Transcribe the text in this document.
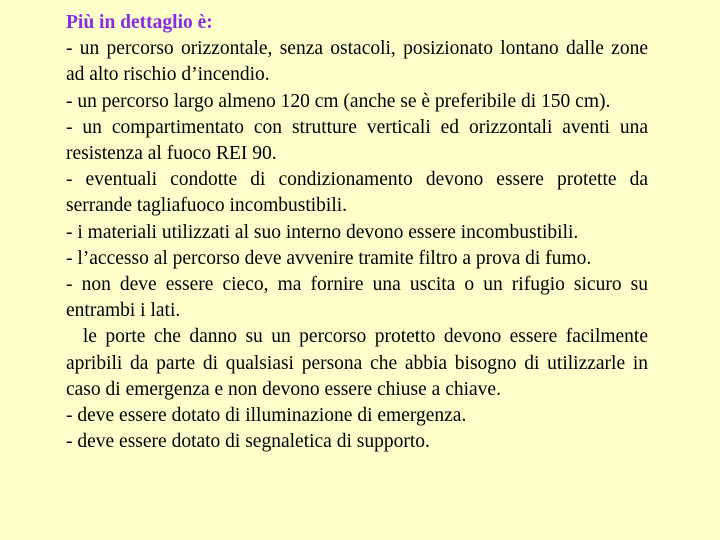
Più in dettaglio è:
- un percorso orizzontale, senza ostacoli, posizionato lontano dalle zone ad alto rischio d’incendio.
- un percorso largo almeno 120 cm (anche se è preferibile di 150 cm).
- un compartimentato con strutture verticali ed orizzontali aventi una resistenza al fuoco REI 90.
- eventuali condotte di condizionamento devono essere protette da serrande tagliafuoco incombustibili.
- i materiali utilizzati al suo interno devono essere incombustibili.
- l’accesso al percorso deve avvenire tramite filtro a prova di fumo.
- non deve essere cieco, ma fornire una uscita o un rifugio sicuro su entrambi i lati.
le porte che danno su un percorso protetto devono essere facilmente apribili da parte di qualsiasi persona che abbia bisogno di utilizzarle in caso di emergenza e non devono essere chiuse a chiave.
- deve essere dotato di illuminazione di emergenza.
- deve essere dotato di segnaletica di supporto.
